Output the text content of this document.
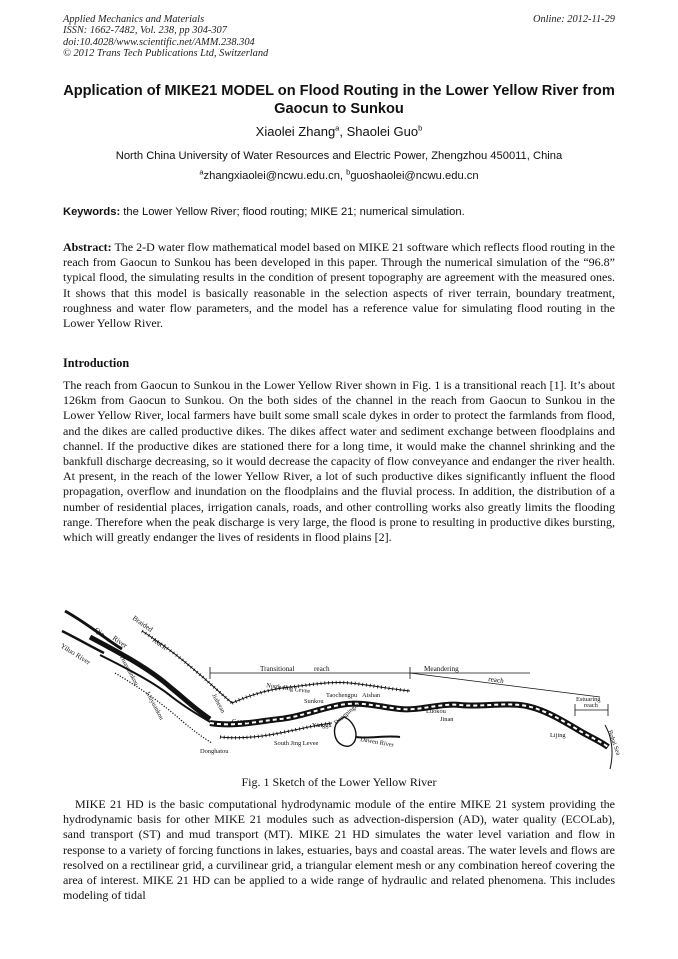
Applied Mechanics and Materials
ISSN: 1662-7482, Vol. 238, pp 304-307
doi:10.4028/www.scientific.net/AMM.238.304
© 2012 Trans Tech Publications Ltd, Switzerland
Online: 2012-11-29
Application of MIKE21 MODEL on Flood Routing in the Lower Yellow River from Gaocun to Sunkou
Xiaolei Zhang$^a$, Shaolei Guo$^b$
North China University of Water Resources and Electric Power, Zhengzhou 450011, China
$^a$zhangxiaolei@ncwu.edu.cn, $^b$guoshaolei@ncwu.edu.cn
Keywords: the Lower Yellow River; flood routing; MIKE 21; numerical simulation.
Abstract: The 2-D water flow mathematical model based on MIKE 21 software which reflects flood routing in the reach from Gaocun to Sunkou has been developed in this paper. Through the numerical simulation of the “96.8” typical flood, the simulating results in the condition of present topography are agreement with the measured ones. It shows that this model is basically reasonable in the selection aspects of river terrain, boundary treatment, roughness and water flow parameters, and the model has a reference value for simulating flood routing in the Lower Yellow River.
Introduction
The reach from Gaocun to Sunkou in the Lower Yellow River shown in Fig. 1 is a transitional reach [1]. It’s about 126km from Gaocun to Sunkou. On the both sides of the channel in the reach from Gaocun to Sunkou in the Lower Yellow River, local farmers have built some small scale dykes in order to protect the farmlands from flood, and the dikes are called productive dikes. The dikes affect water and sediment exchange between floodplains and channel. If the productive dikes are stationed there for a long time, it would make the channel shrinking and the bankfull discharge decreasing, so it would decrease the capacity of flow conveyance and endanger the river health. At present, in the reach of the lower Yellow River, a lot of such productive dikes significantly influent the flood propagation, overflow and inundation on the floodplains and the fluvial process. In addition, the distribution of a number of residential places, irrigation canals, roads, and other controlling works also greatly limits the flooding range. Therefore when the peak discharge is very large, the flood is prone to resulting in productive dikes bursting, which will greatly endanger the lives of residents in flood plains [2].
Qin
River
Braided
reach
Yiluo River
Huayuankou
Liuyuankou	Jiahetan
Donghatou
Gaocun
Yanggu
Transitional	reach	Meandering
reach
Estuaring
reach
North Jing Levee
South Jing Levee
Sunkou
Taochengpu Aishan
Dongpinghu
Dawen River
Luokou
Jinan
Lijing	Bohai Sea
Fig. 1 Sketch of the Lower Yellow River
MIKE 21 HD is the basic computational hydrodynamic module of the entire MIKE 21 system providing the hydrodynamic basis for other MIKE 21 modules such as advection-dispersion (AD), water quality (ECOLab), sand transport (ST) and mud transport (MT). MIKE 21 HD simulates the water level variation and flow in response to a variety of forcing functions in lakes, estuaries, bays and coastal areas. The water levels and flows are resolved on a rectilinear grid, a curvilinear grid, a triangular element mesh or any combination hereof covering the area of interest. MIKE 21 HD can be applied to a wide range of hydraulic and related phenomena. This includes modeling of tidal
